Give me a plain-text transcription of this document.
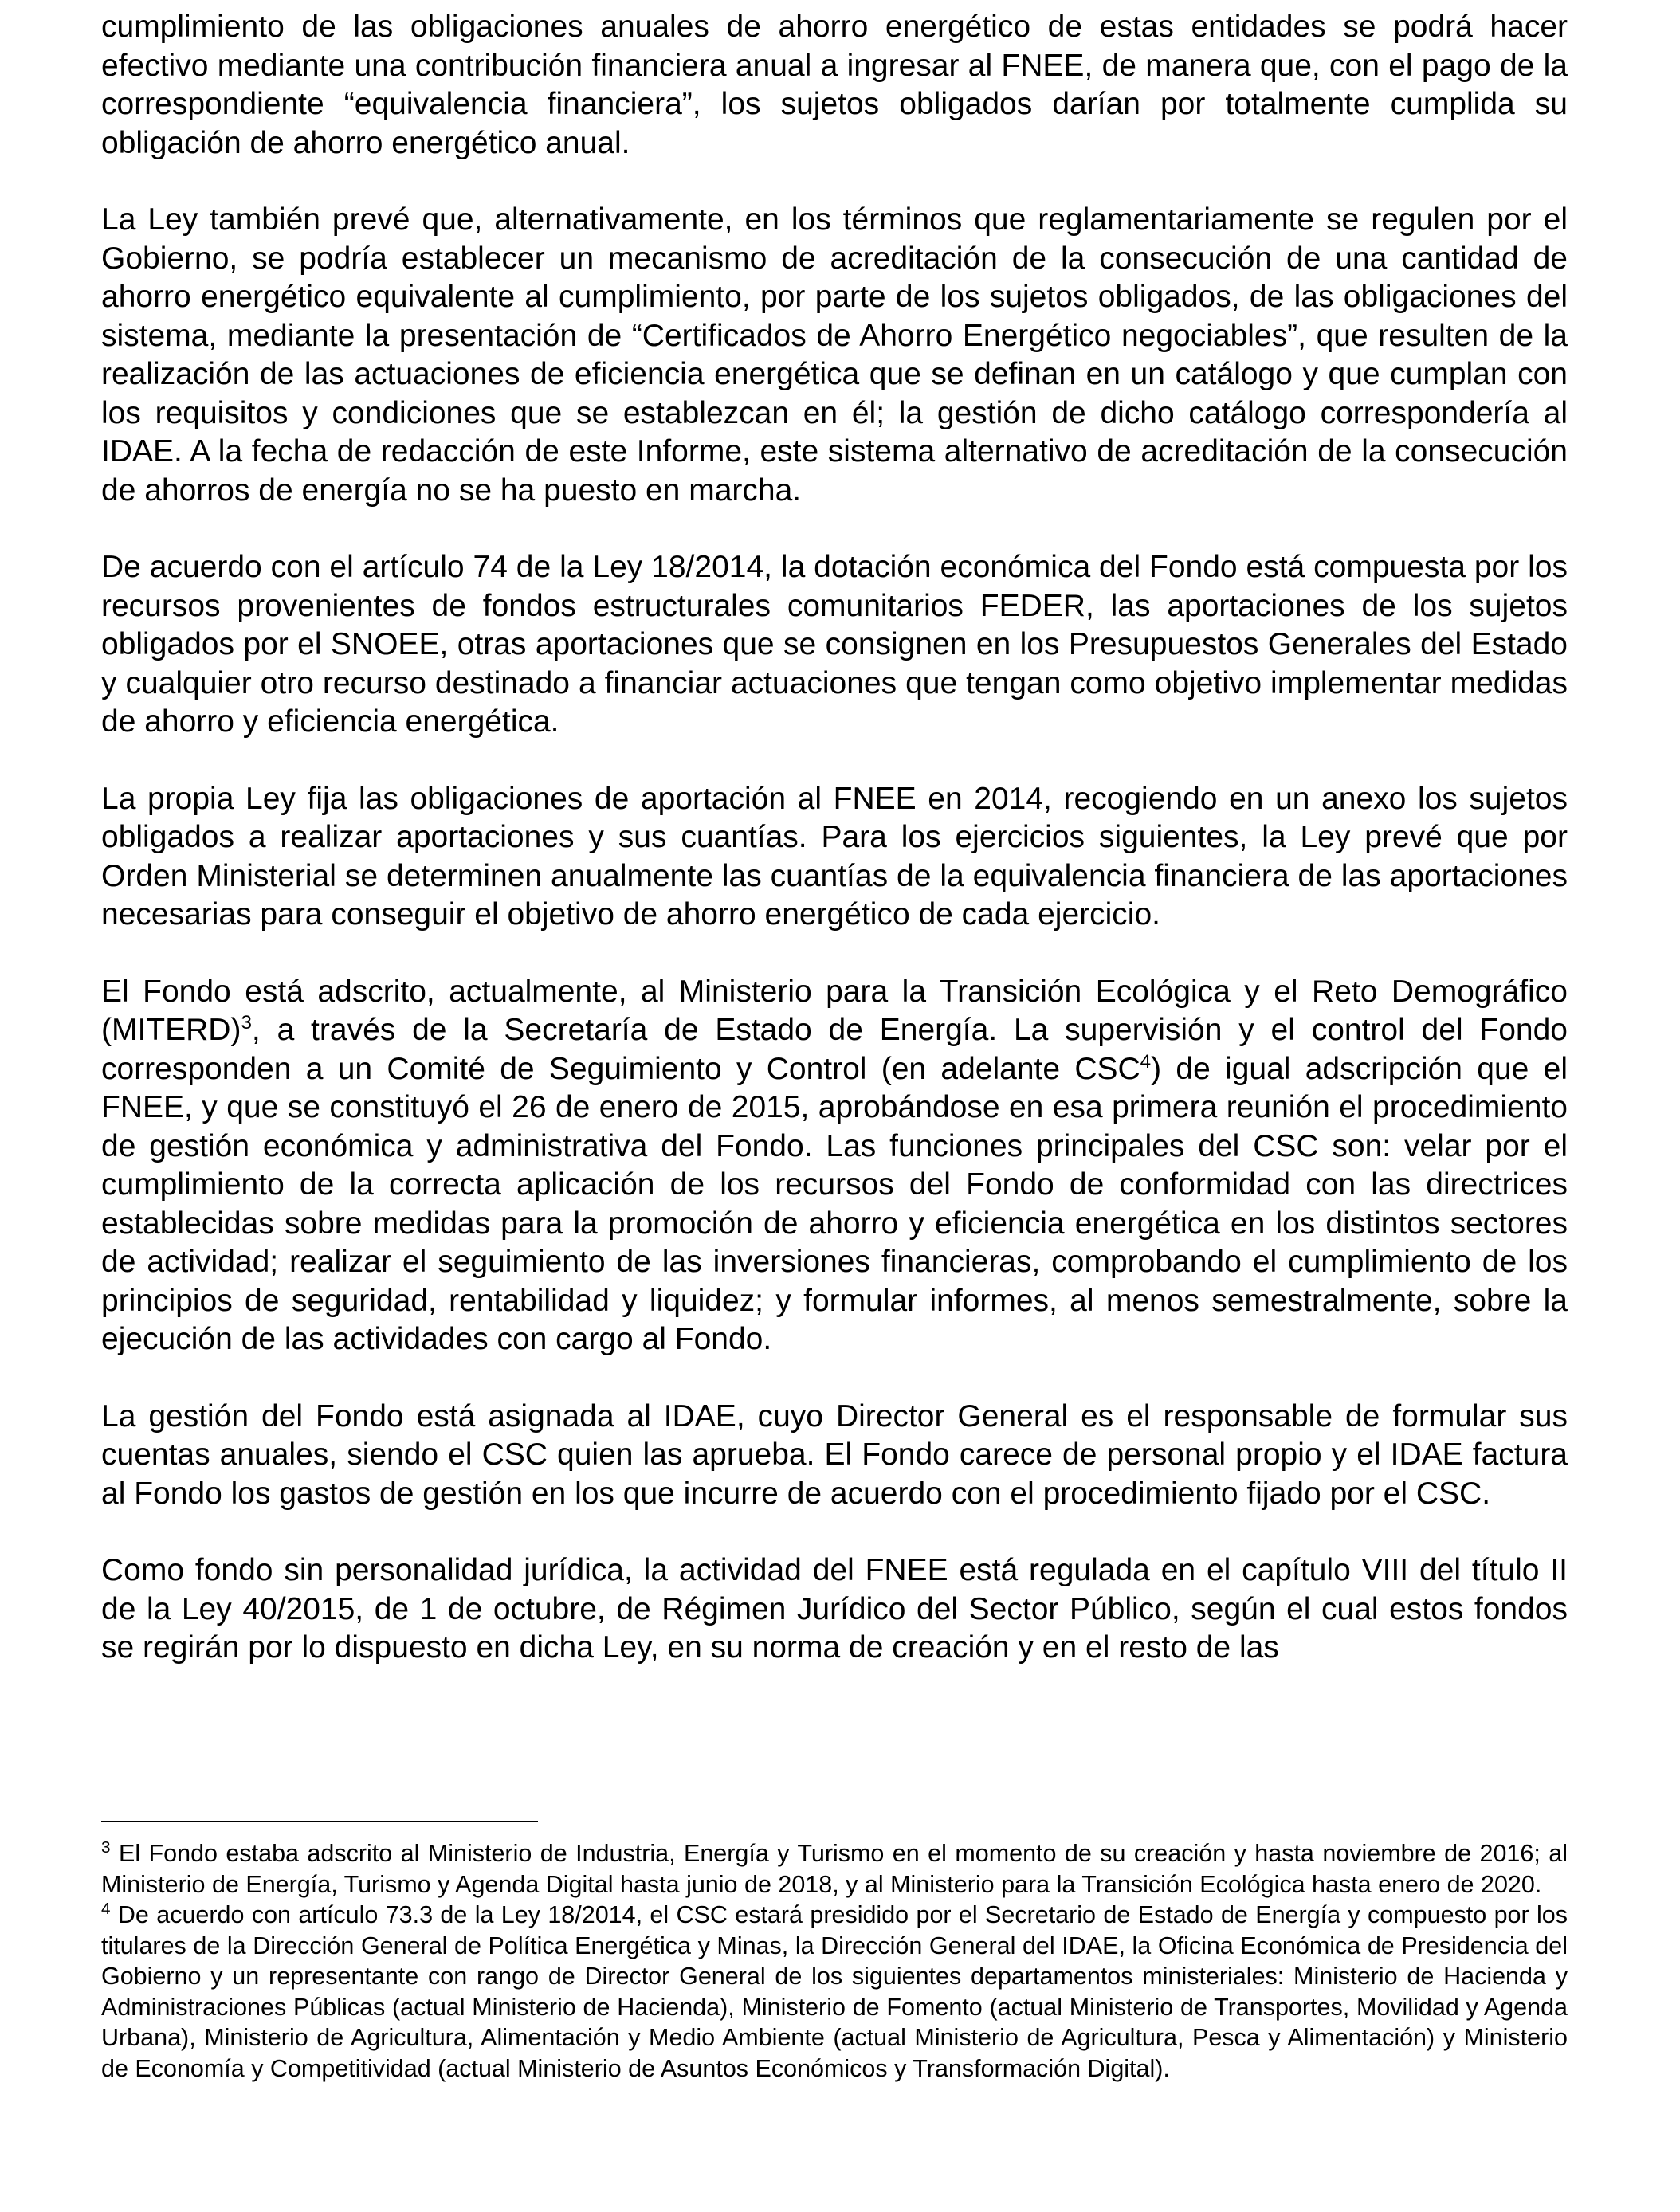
cumplimiento de las obligaciones anuales de ahorro energético de estas entidades se podrá hacer efectivo mediante una contribución financiera anual a ingresar al FNEE, de manera que, con el pago de la correspondiente “equivalencia financiera”, los sujetos obligados darían por totalmente cumplida su obligación de ahorro energético anual.

La Ley también prevé que, alternativamente, en los términos que reglamentariamente se regulen por el Gobierno, se podría establecer un mecanismo de acreditación de la consecución de una cantidad de ahorro energético equivalente al cumplimiento, por parte de los sujetos obligados, de las obligaciones del sistema, mediante la presentación de “Certificados de Ahorro Energético negociables”, que resulten de la realización de las actuaciones de eficiencia energética que se definan en un catálogo y que cumplan con los requisitos y condiciones que se establezcan en él; la gestión de dicho catálogo correspondería al IDAE. A la fecha de redacción de este Informe, este sistema alternativo de acreditación de la consecución de ahorros de energía no se ha puesto en marcha.

De acuerdo con el artículo 74 de la Ley 18/2014, la dotación económica del Fondo está compuesta por los recursos provenientes de fondos estructurales comunitarios FEDER, las aportaciones de los sujetos obligados por el SNOEE, otras aportaciones que se consignen en los Presupuestos Generales del Estado y cualquier otro recurso destinado a financiar actuaciones que tengan como objetivo implementar medidas de ahorro y eficiencia energética.

La propia Ley fija las obligaciones de aportación al FNEE en 2014, recogiendo en un anexo los sujetos obligados a realizar aportaciones y sus cuantías. Para los ejercicios siguientes, la Ley prevé que por Orden Ministerial se determinen anualmente las cuantías de la equivalencia financiera de las aportaciones necesarias para conseguir el objetivo de ahorro energético de cada ejercicio.

El Fondo está adscrito, actualmente, al Ministerio para la Transición Ecológica y el Reto Demográfico (MITERD)$^3$, a través de la Secretaría de Estado de Energía. La supervisión y el control del Fondo corresponden a un Comité de Seguimiento y Control (en adelante CSC$^4$) de igual adscripción que el FNEE, y que se constituyó el 26 de enero de 2015, aprobándose en esa primera reunión el procedimiento de gestión económica y administrativa del Fondo. Las funciones principales del CSC son: velar por el cumplimiento de la correcta aplicación de los recursos del Fondo de conformidad con las directrices establecidas sobre medidas para la promoción de ahorro y eficiencia energética en los distintos sectores de actividad; realizar el seguimiento de las inversiones financieras, comprobando el cumplimiento de los principios de seguridad, rentabilidad y liquidez; y formular informes, al menos semestralmente, sobre la ejecución de las actividades con cargo al Fondo.

La gestión del Fondo está asignada al IDAE, cuyo Director General es el responsable de formular sus cuentas anuales, siendo el CSC quien las aprueba. El Fondo carece de personal propio y el IDAE factura al Fondo los gastos de gestión en los que incurre de acuerdo con el procedimiento fijado por el CSC.

Como fondo sin personalidad jurídica, la actividad del FNEE está regulada en el capítulo VIII del título II de la Ley 40/2015, de 1 de octubre, de Régimen Jurídico del Sector Público, según el cual estos fondos se regirán por lo dispuesto en dicha Ley, en su norma de creación y en el resto de las

$^3$ El Fondo estaba adscrito al Ministerio de Industria, Energía y Turismo en el momento de su creación y hasta noviembre de 2016; al Ministerio de Energía, Turismo y Agenda Digital hasta junio de 2018, y al Ministerio para la Transición Ecológica hasta enero de 2020.

$^4$ De acuerdo con artículo 73.3 de la Ley 18/2014, el CSC estará presidido por el Secretario de Estado de Energía y compuesto por los titulares de la Dirección General de Política Energética y Minas, la Dirección General del IDAE, la Oficina Económica de Presidencia del Gobierno y un representante con rango de Director General de los siguientes departamentos ministeriales: Ministerio de Hacienda y Administraciones Públicas (actual Ministerio de Hacienda), Ministerio de Fomento (actual Ministerio de Transportes, Movilidad y Agenda Urbana), Ministerio de Agricultura, Alimentación y Medio Ambiente (actual Ministerio de Agricultura, Pesca y Alimentación) y Ministerio de Economía y Competitividad (actual Ministerio de Asuntos Económicos y Transformación Digital).
